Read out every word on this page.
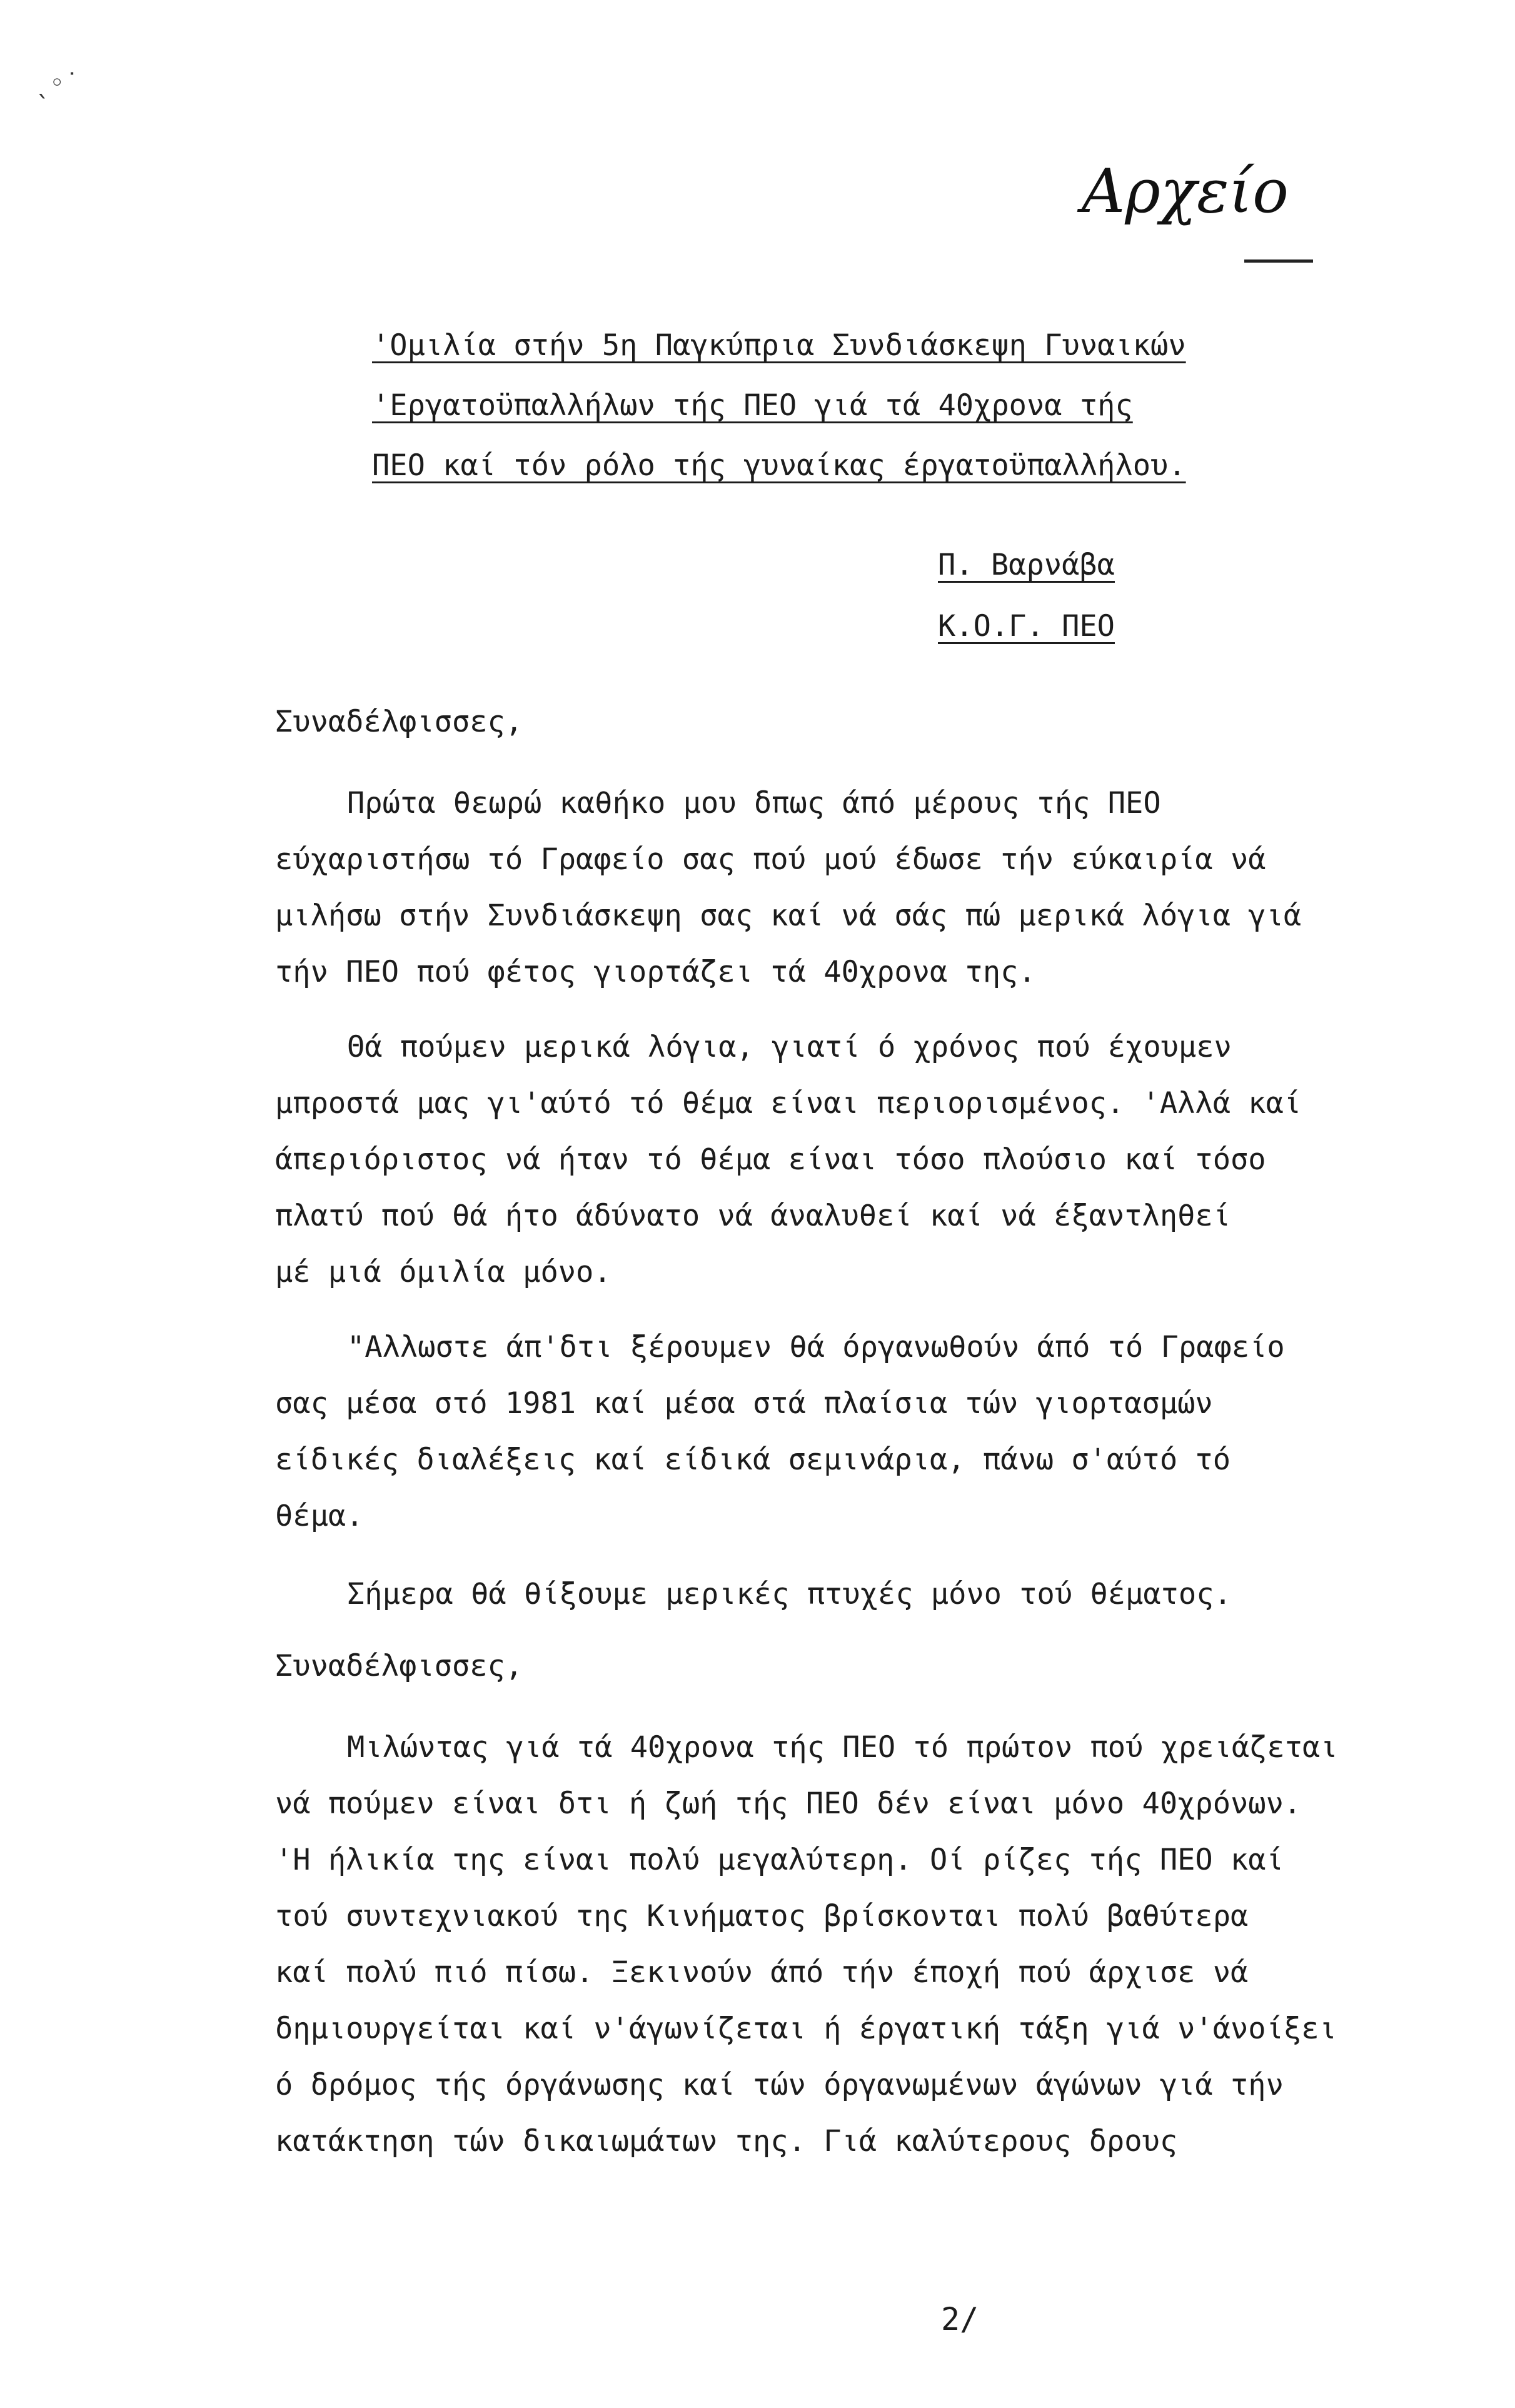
ˎ◦˙
Αρχείο
'Ομιλία στήν 5η Παγκύπρια Συνδιάσκεψη Γυναικών
'Εργατοϋπαλλήλων τής ΠΕΟ γιά τά 40χρονα τής
ΠΕΟ καί τόν ρόλο τής γυναίκας έργατοϋπαλλήλου.
Π. Βαρνάβα
Κ.Ο.Γ. ΠΕΟ
Συναδέλφισσες,
Πρώτα θεωρώ καθήκο μου δπως άπό μέρους τής ΠΕΟ
εύχαριστήσω τό Γραφείο σας πού μού έδωσε τήν εύκαιρία νά
μιλήσω στήν Συνδιάσκεψη σας καί νά σάς πώ μερικά λόγια γιά
τήν ΠΕΟ πού φέτος γιορτάζει τά 40χρονα της.
Θά πούμεν μερικά λόγια, γιατί ό χρόνος πού έχουμεν
μπροστά μας γι'αύτό τό θέμα είναι περιορισμένος. 'Αλλά καί
άπεριόριστος νά ήταν τό θέμα είναι τόσο πλούσιο καί τόσο
πλατύ πού θά ήτο άδύνατο νά άναλυθεί καί νά έξαντληθεί
μέ μιά όμιλία μόνο.
"Αλλωστε άπ'δτι ξέρουμεν θά όργανωθούν άπό τό Γραφείο
σας μέσα στό 1981 καί μέσα στά πλαίσια τών γιορτασμών
είδικές διαλέξεις καί είδικά σεμινάρια, πάνω σ'αύτό τό
θέμα.
Σήμερα θά θίξουμε μερικές πτυχές μόνο τού θέματος.
Συναδέλφισσες,
Μιλώντας γιά τά 40χρονα τής ΠΕΟ τό πρώτον πού χρειάζεται
νά πούμεν είναι δτι ή ζωή τής ΠΕΟ δέν είναι μόνο 40χρόνων.
'Η ήλικία της είναι πολύ μεγαλύτερη. Οί ρίζες τής ΠΕΟ καί
τού συντεχνιακού της Κινήματος βρίσκονται πολύ βαθύτερα
καί πολύ πιό πίσω. Ξεκινούν άπό τήν έποχή πού άρχισε νά
δημιουργείται καί ν'άγωνίζεται ή έργατική τάξη γιά ν'άνοίξει
ό δρόμος τής όργάνωσης καί τών όργανωμένων άγώνων γιά τήν
κατάκτηση τών δικαιωμάτων της. Γιά καλύτερους δρους
2/
